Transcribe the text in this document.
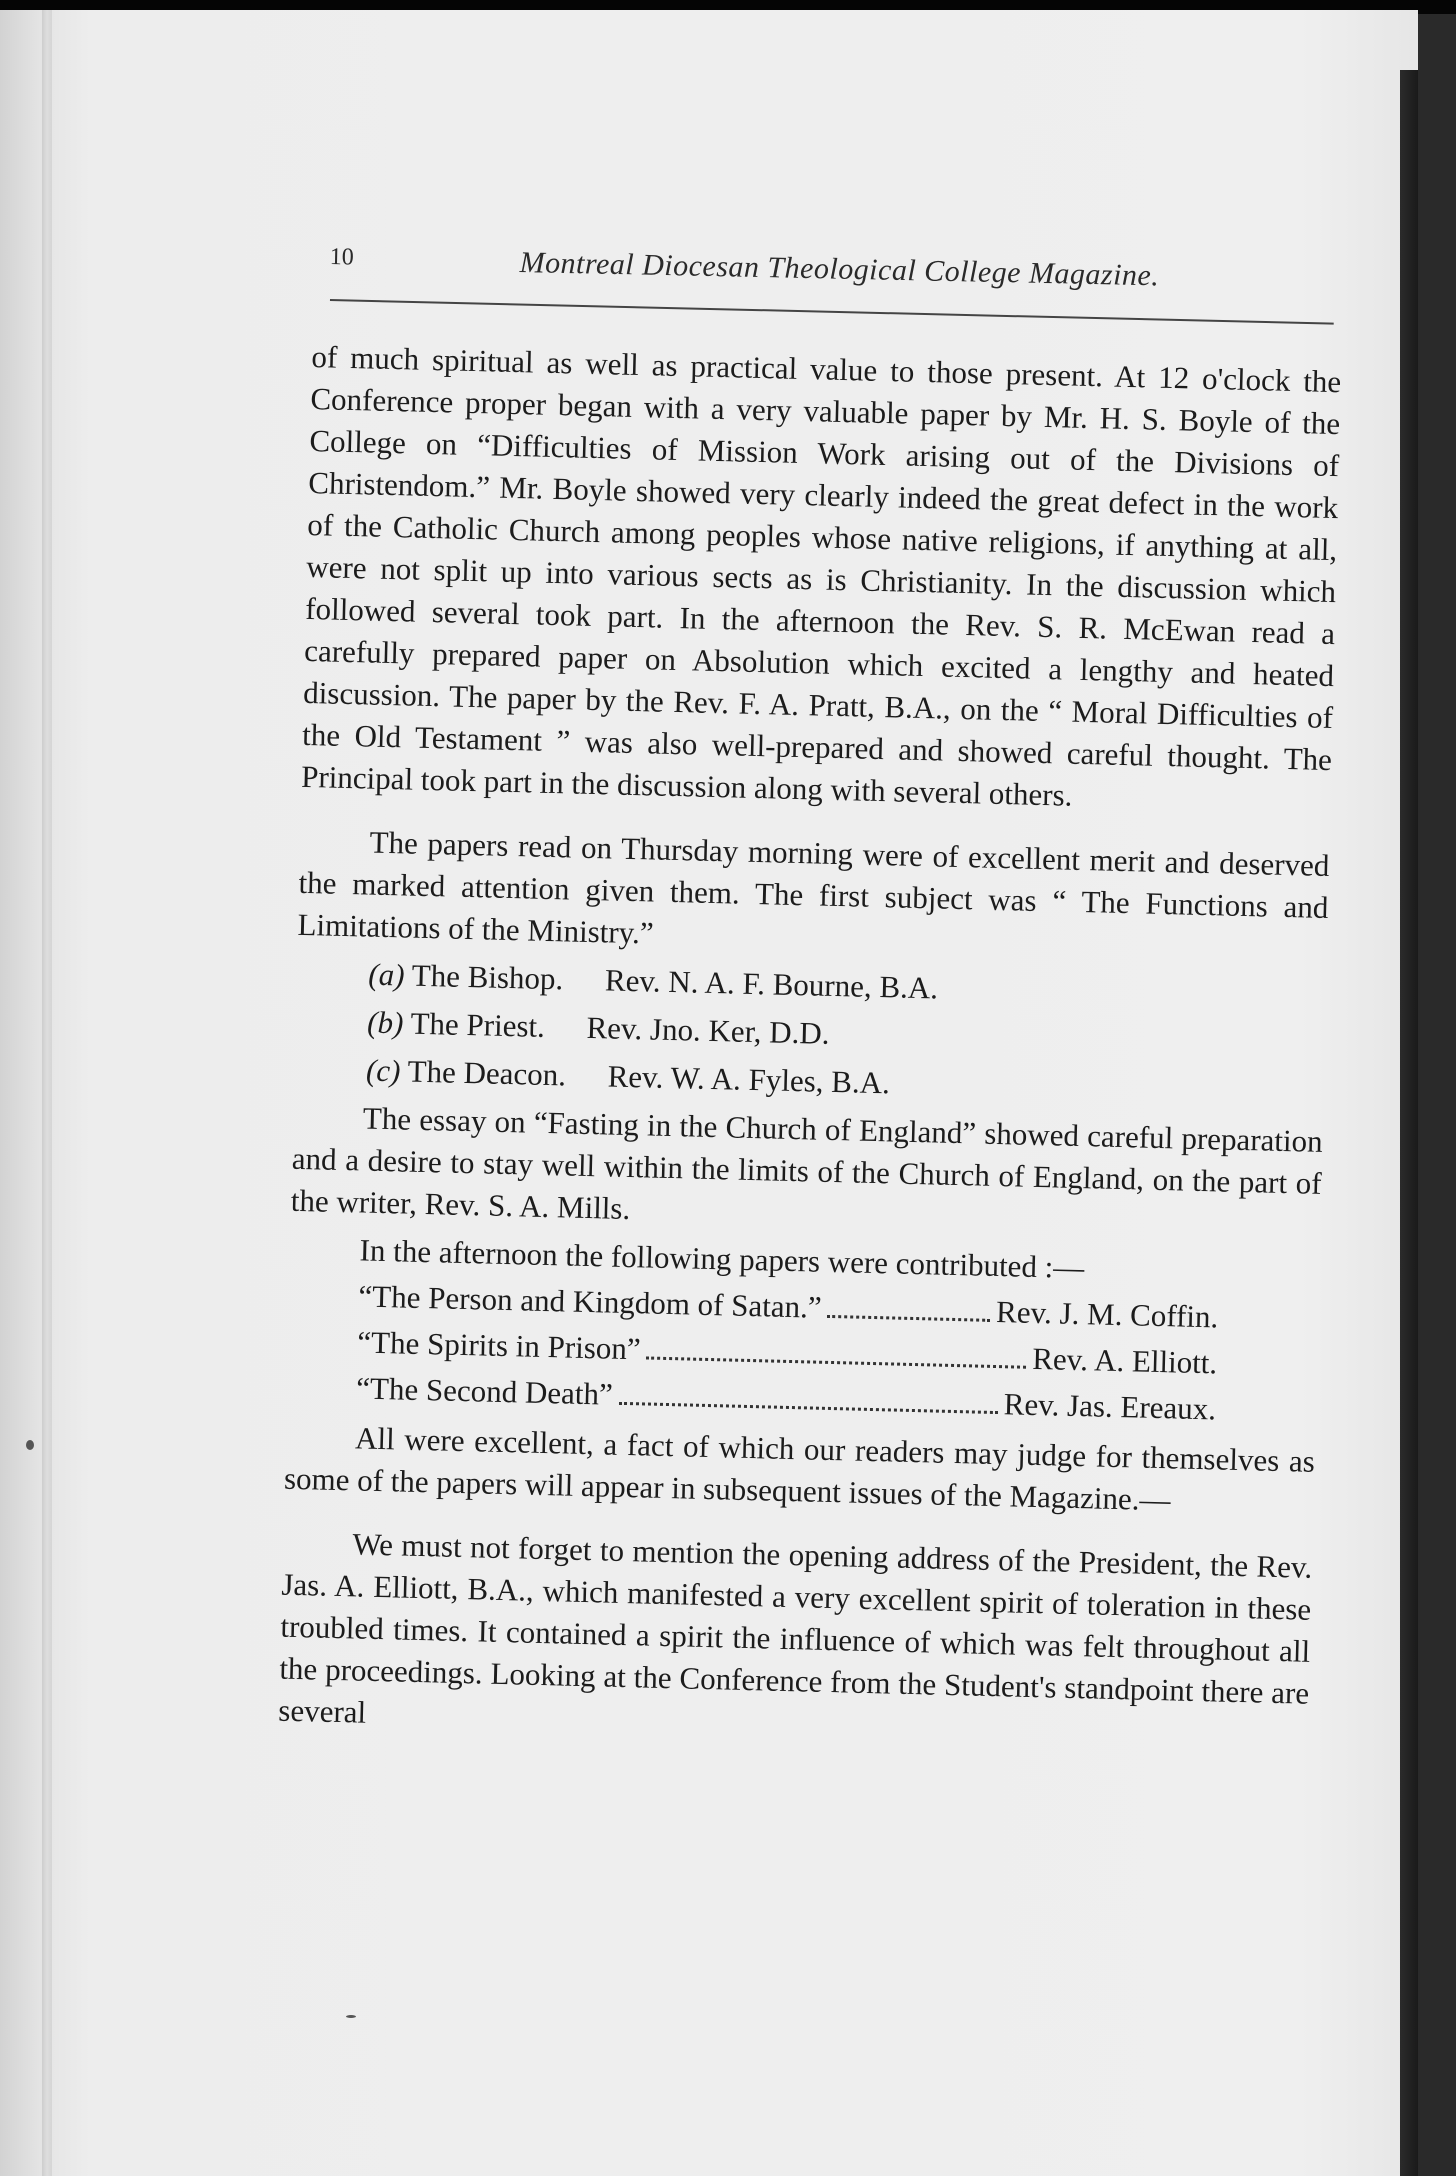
10	Montreal Diocesan Theological College Magazine.

of much spiritual as well as practical value to those present. At 12 o'clock the Conference proper began with a very valuable paper by Mr. H. S. Boyle of the College on “Difficulties of Mission Work arising out of the Divisions of Christendom.” Mr. Boyle showed very clearly indeed the great defect in the work of the Catholic Church among peoples whose native religions, if anything at all, were not split up into various sects as is Christianity. In the discussion which followed several took part. In the afternoon the Rev. S. R. McEwan read a carefully prepared paper on Absolution which excited a lengthy and heated discussion. The paper by the Rev. F. A. Pratt, B.A., on the “ Moral Difficulties of the Old Testament ” was also well-prepared and showed careful thought. The Principal took part in the discussion along with several others.

The papers read on Thursday morning were of excellent merit and deserved the marked attention given them. The first subject was “ The Functions and Limitations of the Ministry.”

(a) The Bishop. Rev. N. A. F. Bourne, B.A.
(b) The Priest. Rev. Jno. Ker, D.D.
(c) The Deacon. Rev. W. A. Fyles, B.A.

The essay on “Fasting in the Church of England” showed careful preparation and a desire to stay well within the limits of the Church of England, on the part of the writer, Rev. S. A. Mills.

In the afternoon the following papers were contributed :—

“The Person and Kingdom of Satan.”	Rev. J. M. Coffin.
“The Spirits in Prison”	Rev. A. Elliott.
“The Second Death”	Rev. Jas. Ereaux.

All were excellent, a fact of which our readers may judge for themselves as some of the papers will appear in subsequent issues of the Magazine.—

We must not forget to mention the opening address of the President, the Rev. Jas. A. Elliott, B.A., which manifested a very excellent spirit of toleration in these troubled times. It contained a spirit the influence of which was felt throughout all the proceedings. Looking at the Conference from the Student's standpoint there are several
